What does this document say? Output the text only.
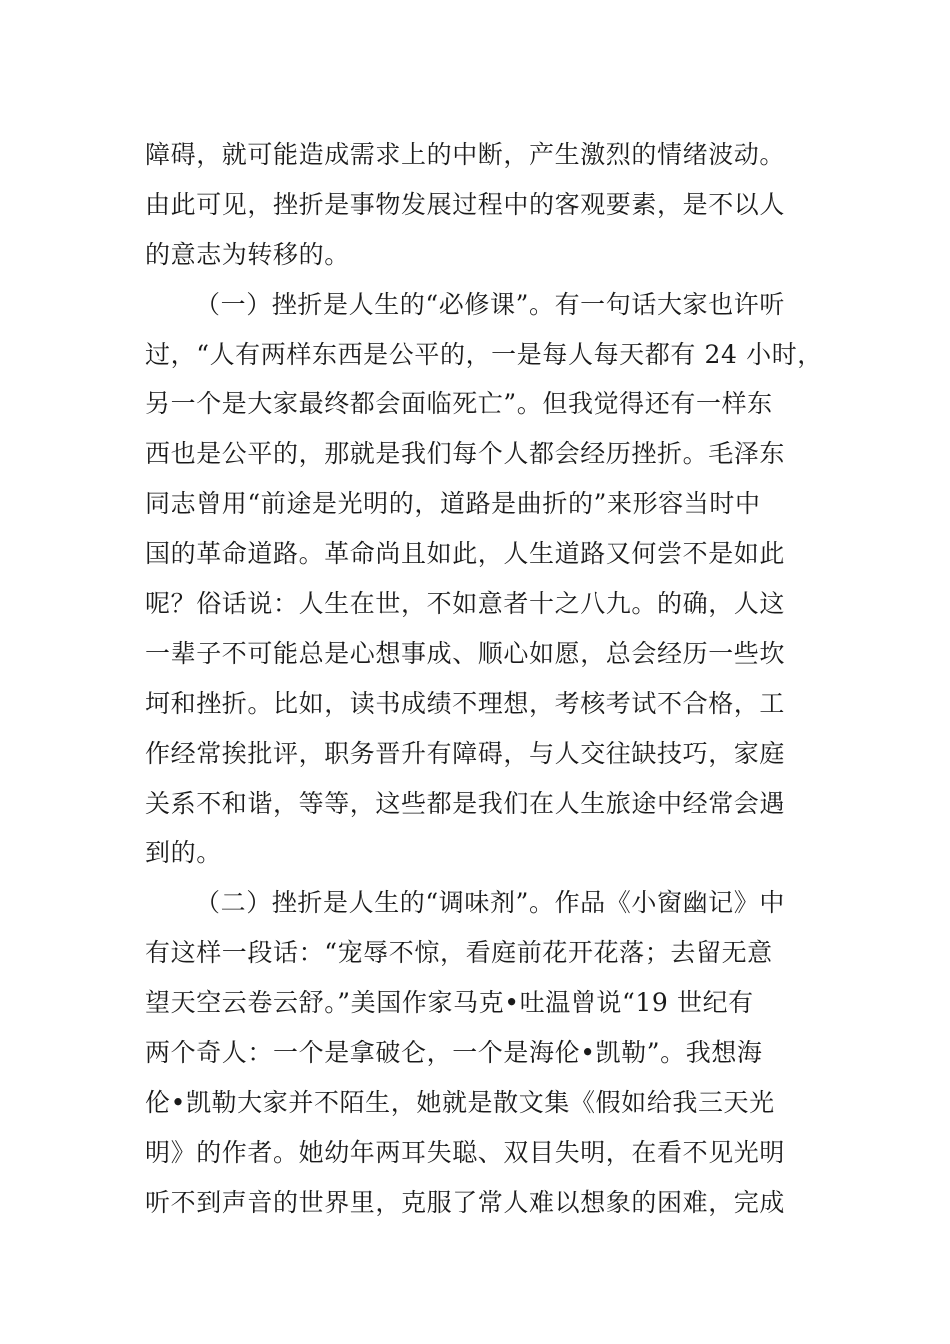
障碍，就可能造成需求上的中断，产生激烈的情绪波动。
由此可见，挫折是事物发展过程中的客观要素，是不以人
的意志为转移的。
（一）挫折是人生的“必修课”。有一句话大家也许听
过，“人有两样东西是公平的，一是每人每天都有 24 小时，
另一个是大家最终都会面临死亡”。但我觉得还有一样东
西也是公平的，那就是我们每个人都会经历挫折。毛泽东
同志曾用“前途是光明的，道路是曲折的”来形容当时中
国的革命道路。革命尚且如此，人生道路又何尝不是如此
呢？俗话说：人生在世，不如意者十之八九。的确，人这
一辈子不可能总是心想事成、顺心如愿，总会经历一些坎
坷和挫折。比如，读书成绩不理想，考核考试不合格，工
作经常挨批评，职务晋升有障碍，与人交往缺技巧，家庭
关系不和谐，等等，这些都是我们在人生旅途中经常会遇
到的。
（二）挫折是人生的“调味剂”。作品《小窗幽记》中
有这样一段话：“宠辱不惊，看庭前花开花落；去留无意
望天空云卷云舒。”美国作家马克•吐温曾说“19 世纪有
两个奇人：一个是拿破仑，一个是海伦•凯勒”。我想海
伦•凯勒大家并不陌生，她就是散文集《假如给我三天光
明》的作者。她幼年两耳失聪、双目失明，在看不见光明
听不到声音的世界里，克服了常人难以想象的困难，完成
